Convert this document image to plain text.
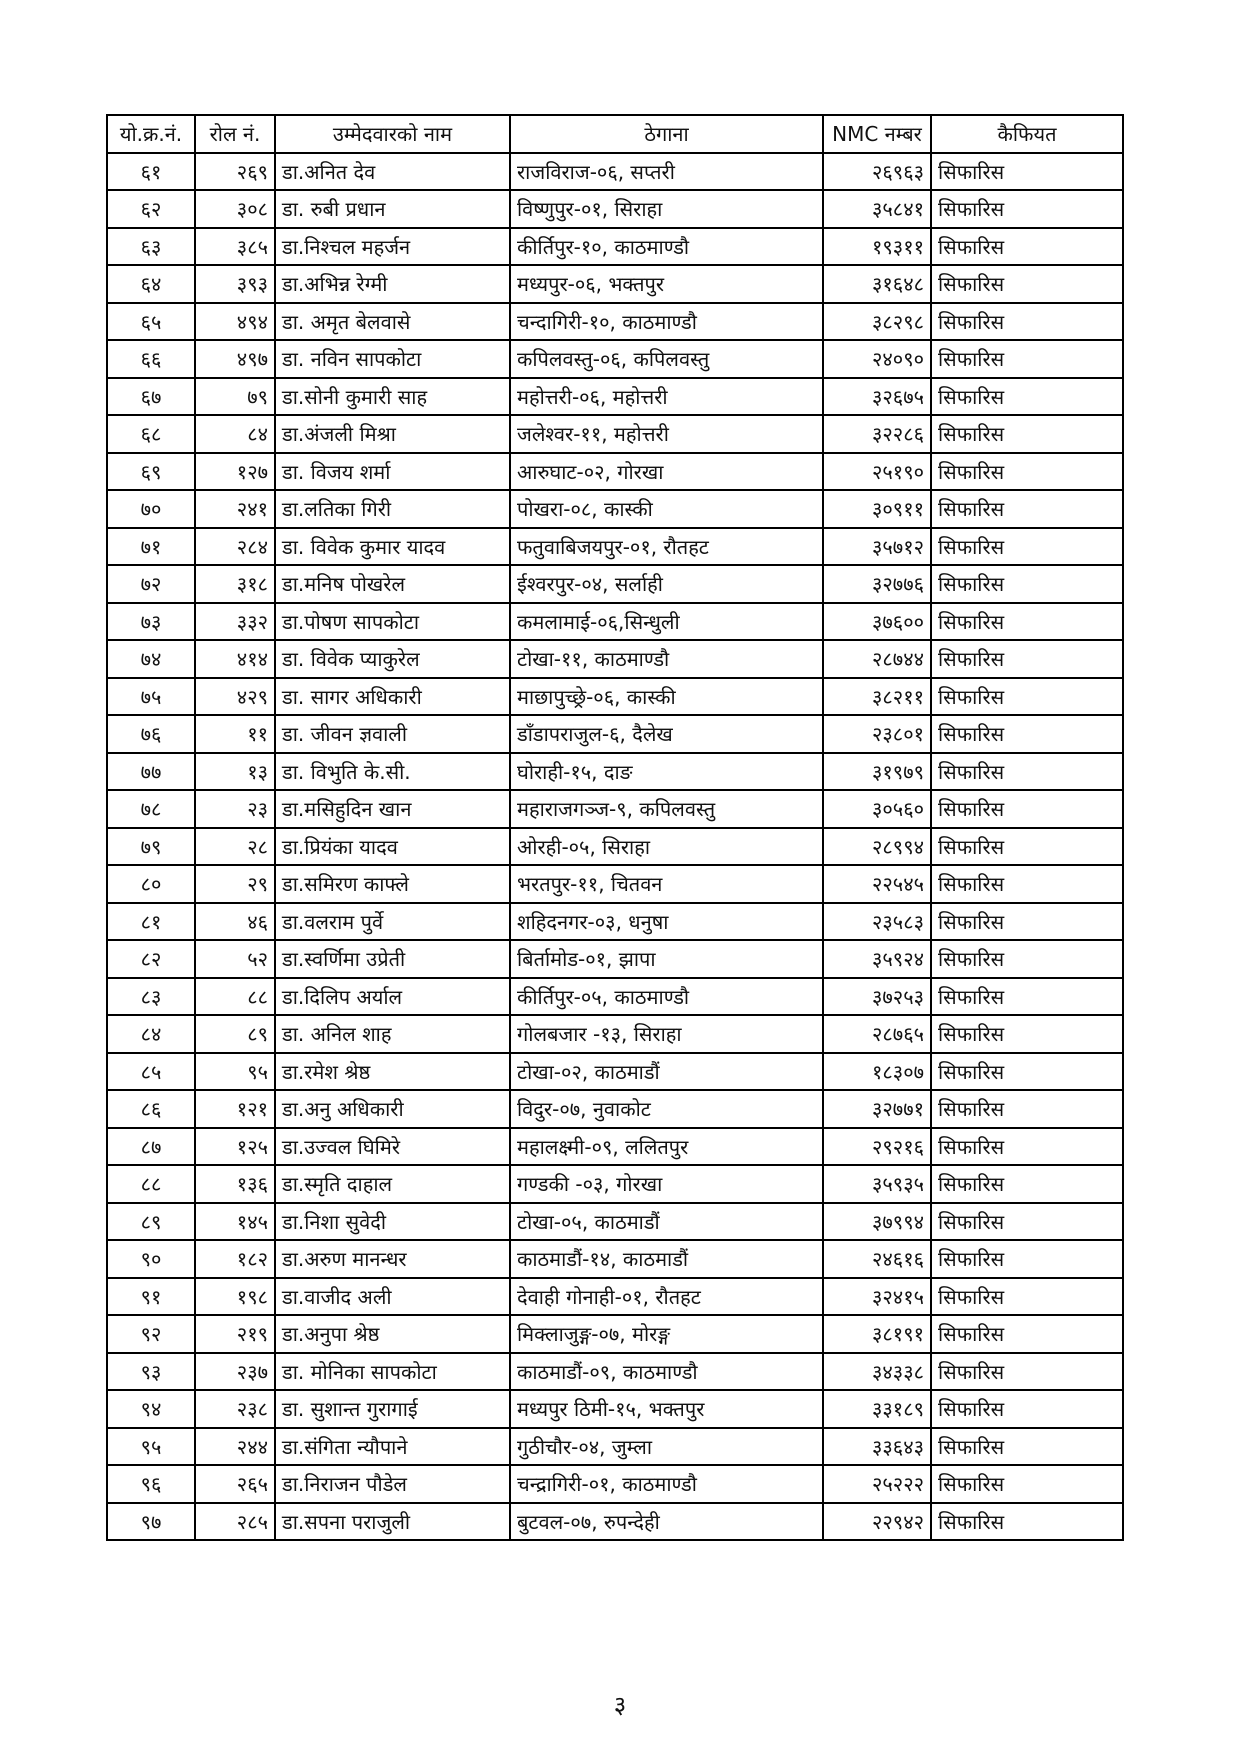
यो.क्र.नं.	रोल नं.	उम्मेदवारको नाम	ठेगाना	NMC नम्बर	कैफियत
६१	२६९	डा.अनित देव	राजविराज-०६, सप्तरी	२६९६३	सिफारिस
६२	३०८	डा. रुबी प्रधान	विष्णुपुर-०१, सिराहा	३५८४१	सिफारिस
६३	३८५	डा.निश्चल महर्जन	कीर्तिपुर-१०, काठमाण्डौ	१९३११	सिफारिस
६४	३९३	डा.अभिन्न रेग्मी	मध्यपुर-०६, भक्तपुर	३१६४८	सिफारिस
६५	४९४	डा. अमृत बेलवासे	चन्दागिरी-१०, काठमाण्डौ	३८२९८	सिफारिस
६६	४९७	डा. नविन सापकोटा	कपिलवस्तु-०६, कपिलवस्तु	२४०९०	सिफारिस
६७	७९	डा.सोनी कुमारी साह	महोत्तरी-०६, महोत्तरी	३२६७५	सिफारिस
६८	८४	डा.अंजली मिश्रा	जलेश्वर-११, महोत्तरी	३२२८६	सिफारिस
६९	१२७	डा. विजय शर्मा	आरुघाट-०२, गोरखा	२५१९०	सिफारिस
७०	२४१	डा.लतिका गिरी	पोखरा-०८, कास्की	३०९११	सिफारिस
७१	२८४	डा. विवेक कुमार यादव	फतुवाबिजयपुर-०१, रौतहट	३५७१२	सिफारिस
७२	३१८	डा.मनिष पोखरेल	ईश्वरपुर-०४, सर्लाही	३२७७६	सिफारिस
७३	३३२	डा.पोषण सापकोटा	कमलामाई-०६,सिन्धुली	३७६००	सिफारिस
७४	४१४	डा. विवेक प्याकुरेल	टोखा-११, काठमाण्डौ	२८७४४	सिफारिस
७५	४२९	डा. सागर अधिकारी	माछापुच्छ्रे-०६, कास्की	३८२११	सिफारिस
७६	११	डा. जीवन ज्ञवाली	डाँडापराजुल-६, दैलेख	२३८०१	सिफारिस
७७	१३	डा. विभुति के.सी.	घोराही-१५, दाङ	३१९७९	सिफारिस
७८	२३	डा.मसिहुदिन खान	महाराजगञ्ज-९, कपिलवस्तु	३०५६०	सिफारिस
७९	२८	डा.प्रियंका यादव	ओरही-०५, सिराहा	२८९९४	सिफारिस
८०	२९	डा.समिरण काफ्ले	भरतपुर-११, चितवन	२२५४५	सिफारिस
८१	४६	डा.वलराम पुर्वे	शहिदनगर-०३, धनुषा	२३५८३	सिफारिस
८२	५२	डा.स्वर्णिमा उप्रेती	बिर्तामोड-०१, झापा	३५९२४	सिफारिस
८३	८८	डा.दिलिप अर्याल	कीर्तिपुर-०५, काठमाण्डौ	३७२५३	सिफारिस
८४	८९	डा. अनिल शाह	गोलबजार -१३, सिराहा	२८७६५	सिफारिस
८५	९५	डा.रमेश श्रेष्ठ	टोखा-०२, काठमाडौं	१८३०७	सिफारिस
८६	१२१	डा.अनु अधिकारी	विदुर-०७, नुवाकोट	३२७७१	सिफारिस
८७	१२५	डा.उज्वल घिमिरे	महालक्ष्मी-०९, ललितपुर	२९२१६	सिफारिस
८८	१३६	डा.स्मृति दाहाल	गण्डकी -०३, गोरखा	३५९३५	सिफारिस
८९	१४५	डा.निशा सुवेदी	टोखा-०५, काठमाडौं	३७९९४	सिफारिस
९०	१८२	डा.अरुण मानन्धर	काठमाडौं-१४, काठमाडौं	२४६१६	सिफारिस
९१	१९८	डा.वाजीद अली	देवाही गोनाही-०१, रौतहट	३२४१५	सिफारिस
९२	२१९	डा.अनुपा श्रेष्ठ	मिक्लाजुङ्ग-०७, मोरङ्ग	३८१९१	सिफारिस
९३	२३७	डा. मोनिका सापकोटा	काठमाडौं-०९, काठमाण्डौ	३४३३८	सिफारिस
९४	२३८	डा. सुशान्त गुरागाई	मध्यपुर ठिमी-१५, भक्तपुर	३३१८९	सिफारिस
९५	२४४	डा.संगिता न्यौपाने	गुठीचौर-०४, जुम्ला	३३६४३	सिफारिस
९६	२६५	डा.निराजन पौडेल	चन्द्रागिरी-०१, काठमाण्डौ	२५२२२	सिफारिस
९७	२८५	डा.सपना पराजुली	बुटवल-०७, रुपन्देही	२२९४२	सिफारिस
३
